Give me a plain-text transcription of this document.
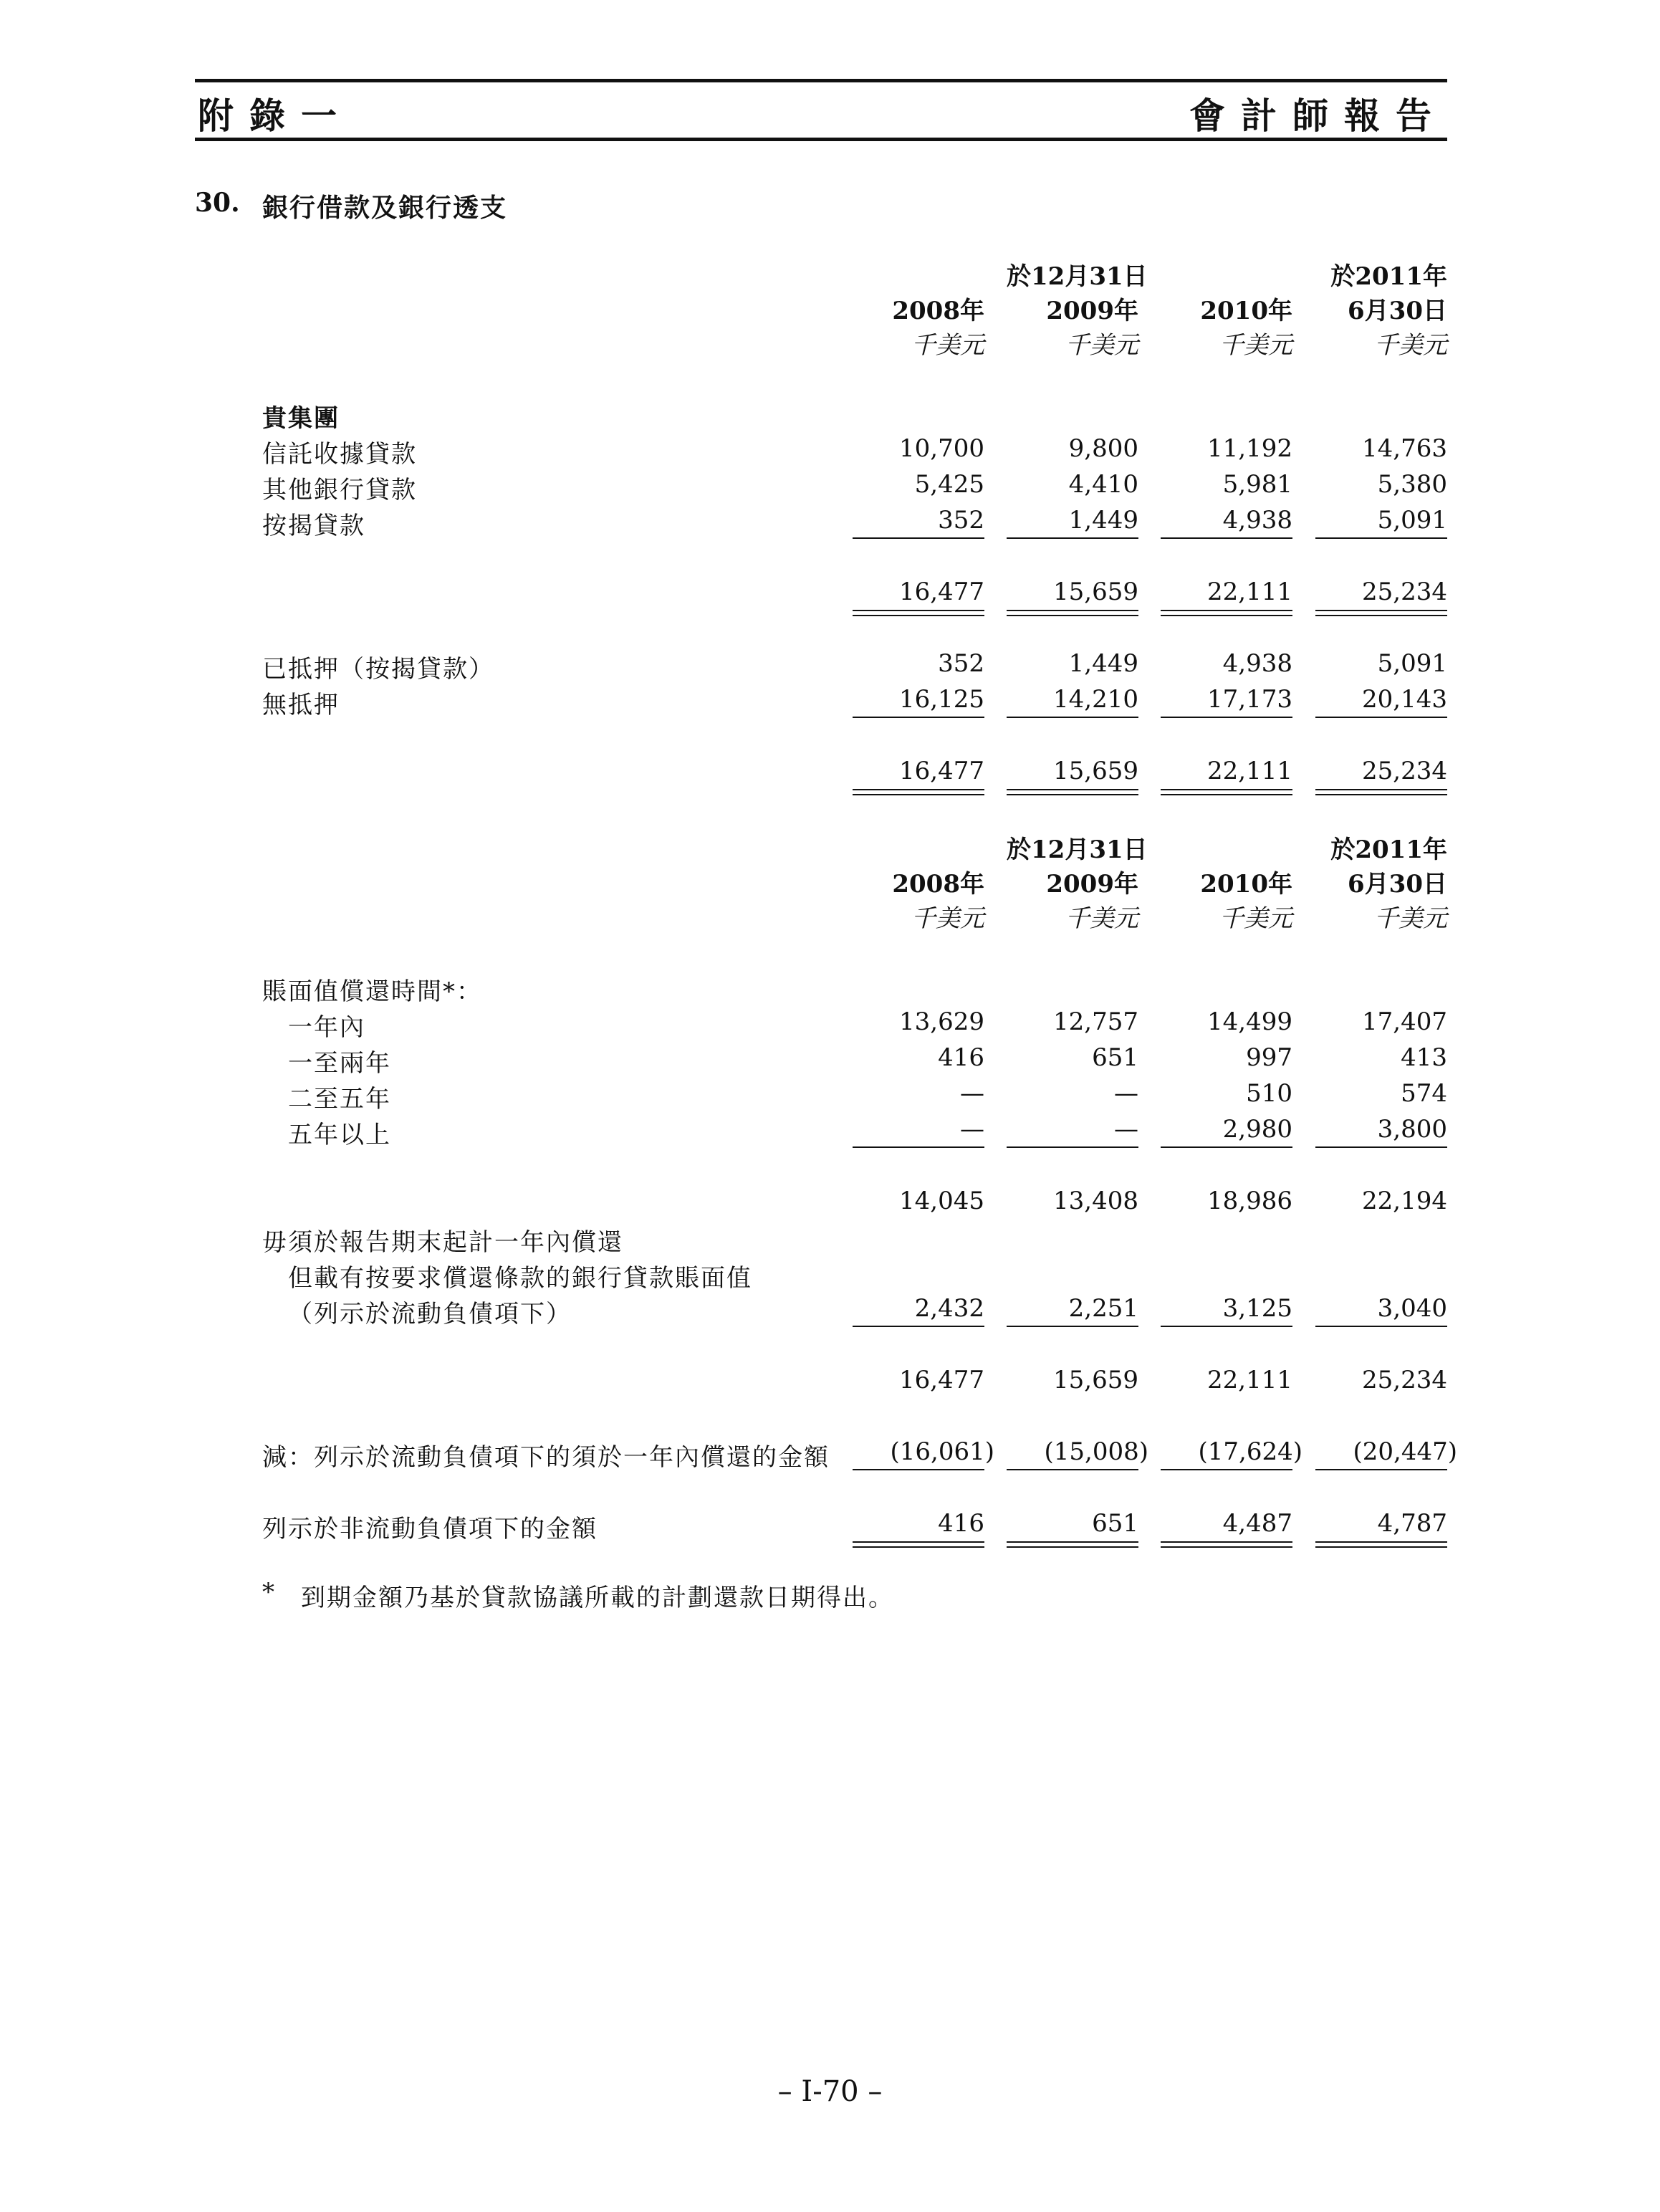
附錄一	會計師報告
30. 銀行借款及銀行透支
於12月31日	於2011年
2008年	2009年	2010年	6月30日
千美元	千美元	千美元	千美元
貴集團
信託收據貸款	10,700	9,800	11,192	14,763
其他銀行貸款	5,425	4,410	5,981	5,380
按揭貸款	352	1,449	4,938	5,091
16,477	15,659	22,111	25,234
已抵押（按揭貸款）	352	1,449	4,938	5,091
無抵押	16,125	14,210	17,173	20,143
16,477	15,659	22,111	25,234
於12月31日	於2011年
2008年	2009年	2010年	6月30日
千美元	千美元	千美元	千美元
賬面值償還時間*：
一年內	13,629	12,757	14,499	17,407
一至兩年	416	651	997	413
二至五年	—	—	510	574
五年以上	—	—	2,980	3,800
14,045	13,408	18,986	22,194
毋須於報告期末起計一年內償還
但載有按要求償還條款的銀行貸款賬面值
（列示於流動負債項下）	2,432	2,251	3,125	3,040
16,477	15,659	22,111	25,234
減：列示於流動負債項下的須於一年內償還的金額	(16,061)	(15,008)	(17,624)	(20,447)
列示於非流動負債項下的金額	416	651	4,487	4,787
* 到期金額乃基於貸款協議所載的計劃還款日期得出。
– I-70 –
